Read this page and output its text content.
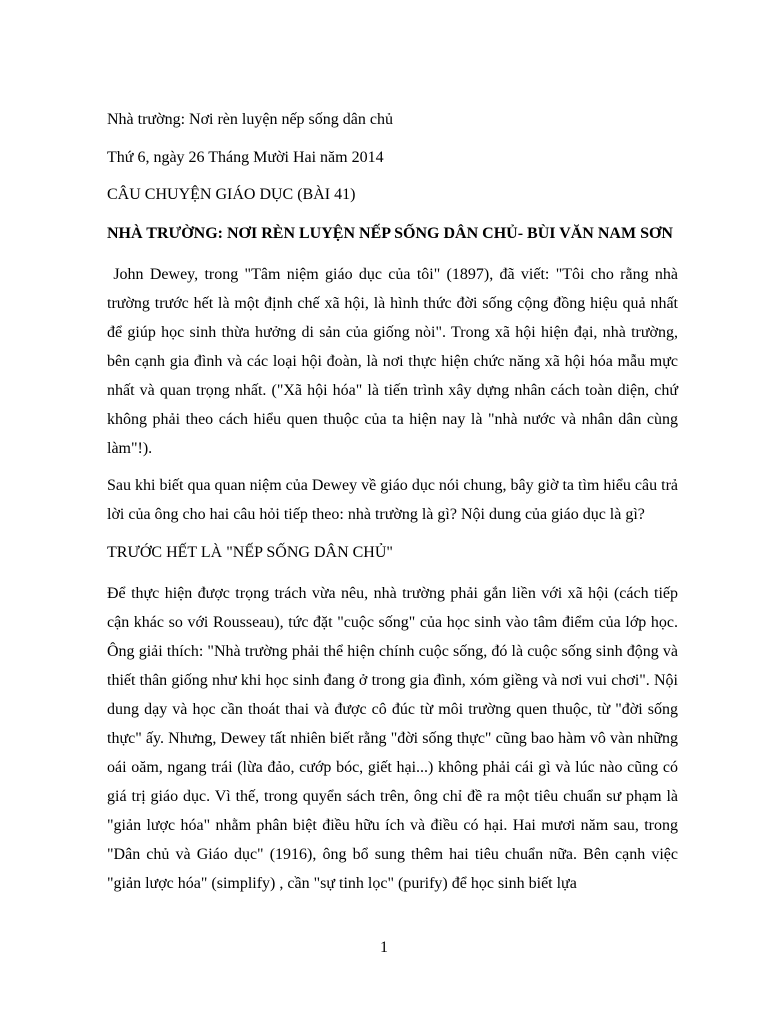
Nhà trường: Nơi rèn luyện nếp sống dân chủ

Thứ 6, ngày 26 Tháng Mười Hai năm 2014

CÂU CHUYỆN GIÁO DỤC (BÀI 41)

NHÀ TRƯỜNG: NƠI RÈN LUYỆN NẾP SỐNG DÂN CHỦ- BÙI VĂN NAM SƠN

John Dewey, trong "Tâm niệm giáo dục của tôi" (1897), đã viết: "Tôi cho rằng nhà trường trước hết là một định chế xã hội, là hình thức đời sống cộng đồng hiệu quả nhất để giúp học sinh thừa hưởng di sản của giống nòi". Trong xã hội hiện đại, nhà trường, bên cạnh gia đình và các loại hội đoàn, là nơi thực hiện chức năng xã hội hóa mẫu mực nhất và quan trọng nhất. ("Xã hội hóa" là tiến trình xây dựng nhân cách toàn diện, chứ không phải theo cách hiểu quen thuộc của ta hiện nay là "nhà nước và nhân dân cùng làm"!).

Sau khi biết qua quan niệm của Dewey về giáo dục nói chung, bây giờ ta tìm hiểu câu trả lời của ông cho hai câu hỏi tiếp theo: nhà trường là gì? Nội dung của giáo dục là gì?

TRƯỚC HẾT LÀ "NẾP SỐNG DÂN CHỦ"

Để thực hiện được trọng trách vừa nêu, nhà trường phải gắn liền với xã hội (cách tiếp cận khác so với Rousseau), tức đặt "cuộc sống" của học sinh vào tâm điểm của lớp học. Ông giải thích: "Nhà trường phải thể hiện chính cuộc sống, đó là cuộc sống sinh động và thiết thân giống như khi học sinh đang ở trong gia đình, xóm giềng và nơi vui chơi". Nội dung dạy và học cần thoát thai và được cô đúc từ môi trường quen thuộc, từ "đời sống thực" ấy. Nhưng, Dewey tất nhiên biết rằng "đời sống thực" cũng bao hàm vô vàn những oái oăm, ngang trái (lừa đảo, cướp bóc, giết hại...) không phải cái gì và lúc nào cũng có giá trị giáo dục. Vì thế, trong quyển sách trên, ông chỉ đề ra một tiêu chuẩn sư phạm là "giản lược hóa" nhằm phân biệt điều hữu ích và điều có hại. Hai mươi năm sau, trong "Dân chủ và Giáo dục" (1916), ông bổ sung thêm hai tiêu chuẩn nữa. Bên cạnh việc "giản lược hóa" (simplify) , cần "sự tinh lọc" (purify) để học sinh biết lựa

1
